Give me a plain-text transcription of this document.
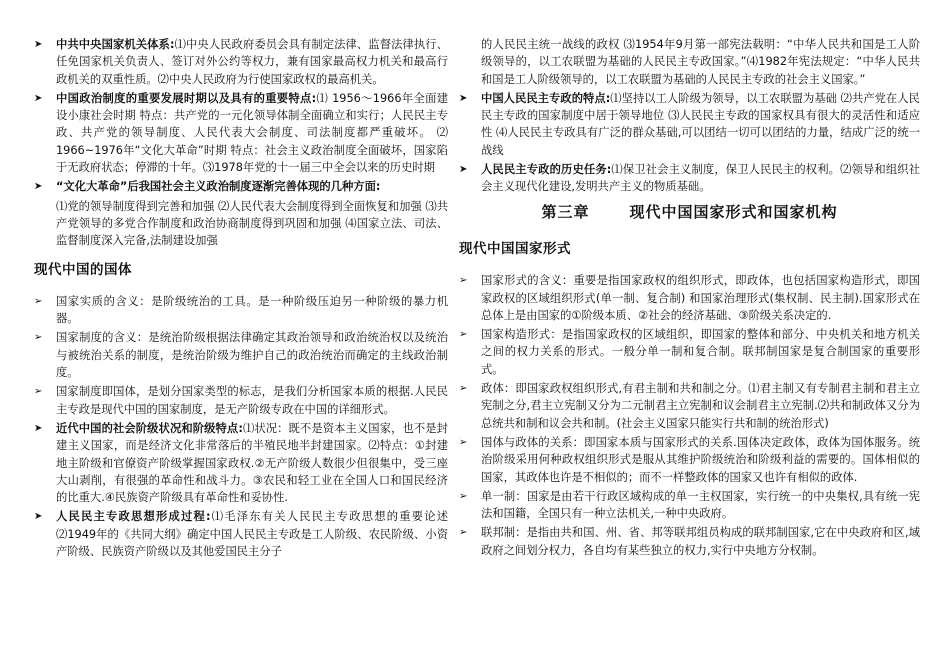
➤	中共中央国家机关体系:⑴中央人民政府委员会具有制定法律、监督法律执行、任免国家机关负责人、签订对外公约等权力，兼有国家最高权力机关和最高行政机关的双重性质。⑵中央人民政府为行使国家政权的最高机关。
➤	中国政治制度的重要发展时期以及具有的重要特点:⑴ 1956～1966年全面建设小康社会时期 特点：共产党的一元化领导体制全面确立和实行；人民民主专政、共产党的领导制度、人民代表大会制度、司法制度都严重破坏。 ⑵ 1966~1976年“文化大革命”时期 特点：社会主义政治制度全面破坏，国家陷于无政府状态；停滞的十年。⑶1978年党的十一届三中全会以来的历史时期
➤	“文化大革命”后我国社会主义政治制度逐渐完善体现的几种方面:
⑴党的领导制度得到完善和加强 ⑵人民代表大会制度得到全面恢复和加强 ⑶共产党领导的多党合作制度和政治协商制度得到巩固和加强 ⑷国家立法、司法、监督制度深入完备,法制建设加强
现代中国的国体
➢	国家实质的含义：是阶级统治的工具。是一种阶级压迫另一种阶级的暴力机器。
➢	国家制度的含义：是统治阶级根据法律确定其政治领导和政治统治权以及统治与被统治关系的制度，是统治阶级为维护自己的政治统治而确定的主线政治制度。
➢	国家制度即国体，是划分国家类型的标志，是我们分析国家本质的根据.人民民主专政是现代中国的国家制度，是无产阶级专政在中国的详细形式。
➤	近代中国的社会阶级状况和阶级特点:⑴状况：既不是资本主义国家，也不是封建主义国家，而是经济文化非常落后的半殖民地半封建国家。⑵特点：①封建地主阶级和官僚资产阶级掌握国家政权.②无产阶级人数很少但很集中，受三座大山剥削，有很强的革命性和战斗力。③农民和轻工业在全国人口和国民经济的比重大.④民族资产阶级具有革命性和妥协性.
➤	人民民主专政思想形成过程:⑴毛泽东有关人民民主专政思想的重要论述 ⑵1949年的《共同大纲》确定中国人民民主专政是工人阶级、农民阶级、小资产阶级、民族资产阶级以及其他爱国民主分子
的人民民主统一战线的政权 ⑶1954年9月第一部宪法载明：“中华人民共和国是工人阶级领导的，以工农联盟为基础的人民民主专政国家。”⑷1982年宪法规定：“中华人民共和国是工人阶级领导的，以工农联盟为基础的人民民主专政的社会主义国家。”
➤	中国人民民主专政的特点:⑴坚持以工人阶级为领导，以工农联盟为基础 ⑵共产党在人民民主专政的国家制度中居于领导地位 ⑶人民民主专政的国家权具有很大的灵活性和适应性 ⑷人民民主专政具有广泛的群众基础,可以团结一切可以团结的力量，结成广泛的统一战线
➤	人民民主专政的历史任务:⑴保卫社会主义制度，保卫人民民主的权利。⑵领导和组织社会主义现代化建设,发明共产主义的物质基础。
第三章	现代中国国家形式和国家机构
现代中国国家形式
➢	国家形式的含义：重要是指国家政权的组织形式，即政体，也包括国家构造形式，即国家政权的区域组织形式(单一制、复合制) 和国家治理形式(集权制、民主制).国家形式在总体上是由国家的①阶级本质、②社会的经济基础、③阶级关系决定的.
➢	国家构造形式：是指国家政权的区域组织，即国家的整体和部分、中央机关和地方机关之间的权力关系的形式。一般分单一制和复合制。联邦制国家是复合制国家的重要形式。
➢	政体：即国家政权组织形式,有君主制和共和制之分。⑴君主制又有专制君主制和君主立宪制之分,君主立宪制又分为二元制君主立宪制和议会制君主立宪制.⑵共和制政体又分为总统共和制和议会共和制。(社会主义国家只能实行共和制的统治形式)
➢	国体与政体的关系：即国家本质与国家形式的关系.国体决定政体，政体为国体服务。统治阶级采用何种政权组织形式是服从其维护阶级统治和阶级利益的需要的。国体相似的国家，其政体也许是不相似的；而不一样整政体的国家又也许有相似的政体.
➢	单一制：国家是由若干行政区域构成的单一主权国家，实行统一的中央集权,具有统一宪法和国籍，全国只有一种立法机关,一种中央政府。
➢	联邦制：是指由共和国、州、省、邦等联邦组员构成的联邦制国家,它在中央政府和区,域政府之间划分权力，各自均有某些独立的权力,实行中央地方分权制。
